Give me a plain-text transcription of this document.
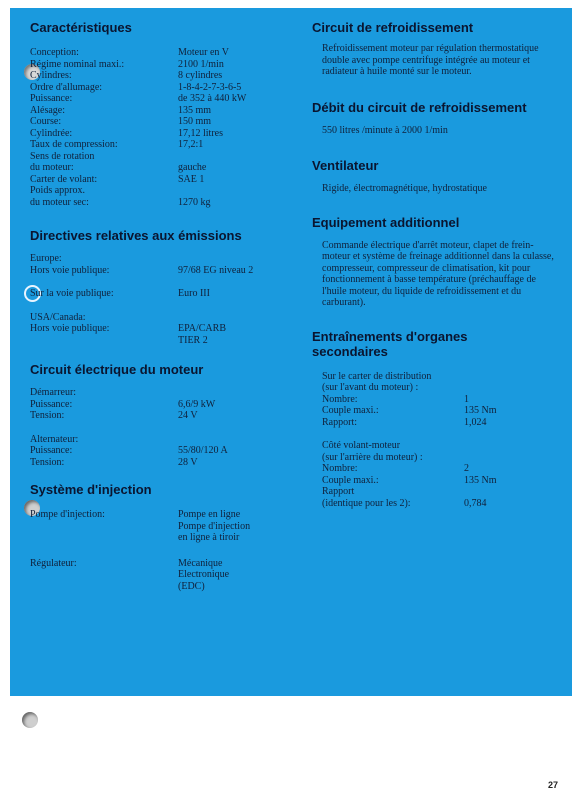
Caractéristiques
Conception:	Moteur en V
Régime nominal maxi.:	2100 1/min
Cylindres:	8 cylindres
Ordre d'allumage:	1-8-4-2-7-3-6-5
Puissance:	de 352 à 440 kW
Alésage:	135 mm
Course:	150 mm
Cylindrée:	17,12 litres
Taux de compression:	17,2:1
Sens de rotation
du moteur:	gauche
Carter de volant:	SAE 1
Poids approx.
du moteur sec:	1270 kg
Directives relatives aux émissions

Europe:

Hors voie publique:	97/68 EG niveau 2
Sur la voie publique:	Euro III

USA/Canada:

Hors voie publique:	EPA/CARB
TIER 2
Circuit électrique du moteur

Démarreur:

Puissance:	6,6/9 kW
Tension:	24 V

Alternateur:

Puissance:	55/80/120 A
Tension:	28 V
Système d'injection
Pompe d'injection:	Pompe en ligne
Pompe d'injection
en ligne à tiroir
Régulateur:	Mécanique
Electronique
(EDC)
Circuit de refroidissement

Refroidissement moteur par régulation thermostatique double avec pompe centrifuge intégrée au moteur et radiateur à huile monté sur le moteur.

Débit du circuit de refroidissement

550 litres /minute à 2000 1/min

Ventilateur

Rigide, électromagnétique, hydrostatique

Equipement additionnel

Commande électrique d'arrêt moteur, clapet de frein-moteur et système de freinage additionnel dans la culasse, compresseur, compresseur de climatisation, kit pour fonctionnement à basse température (préchauffage de l'huile moteur, du liquide de refroidissement et du carburant).

Entraînements d'organes secondaires

Sur le carter de distribution

(sur l'avant du moteur) :

Nombre:	1
Couple maxi.:	135 Nm
Rapport:	1,024

Côté volant-moteur

(sur l'arrière du moteur) :

Nombre:	2
Couple maxi.:	135 Nm
Rapport
(identique pour les 2):	0,784
27
